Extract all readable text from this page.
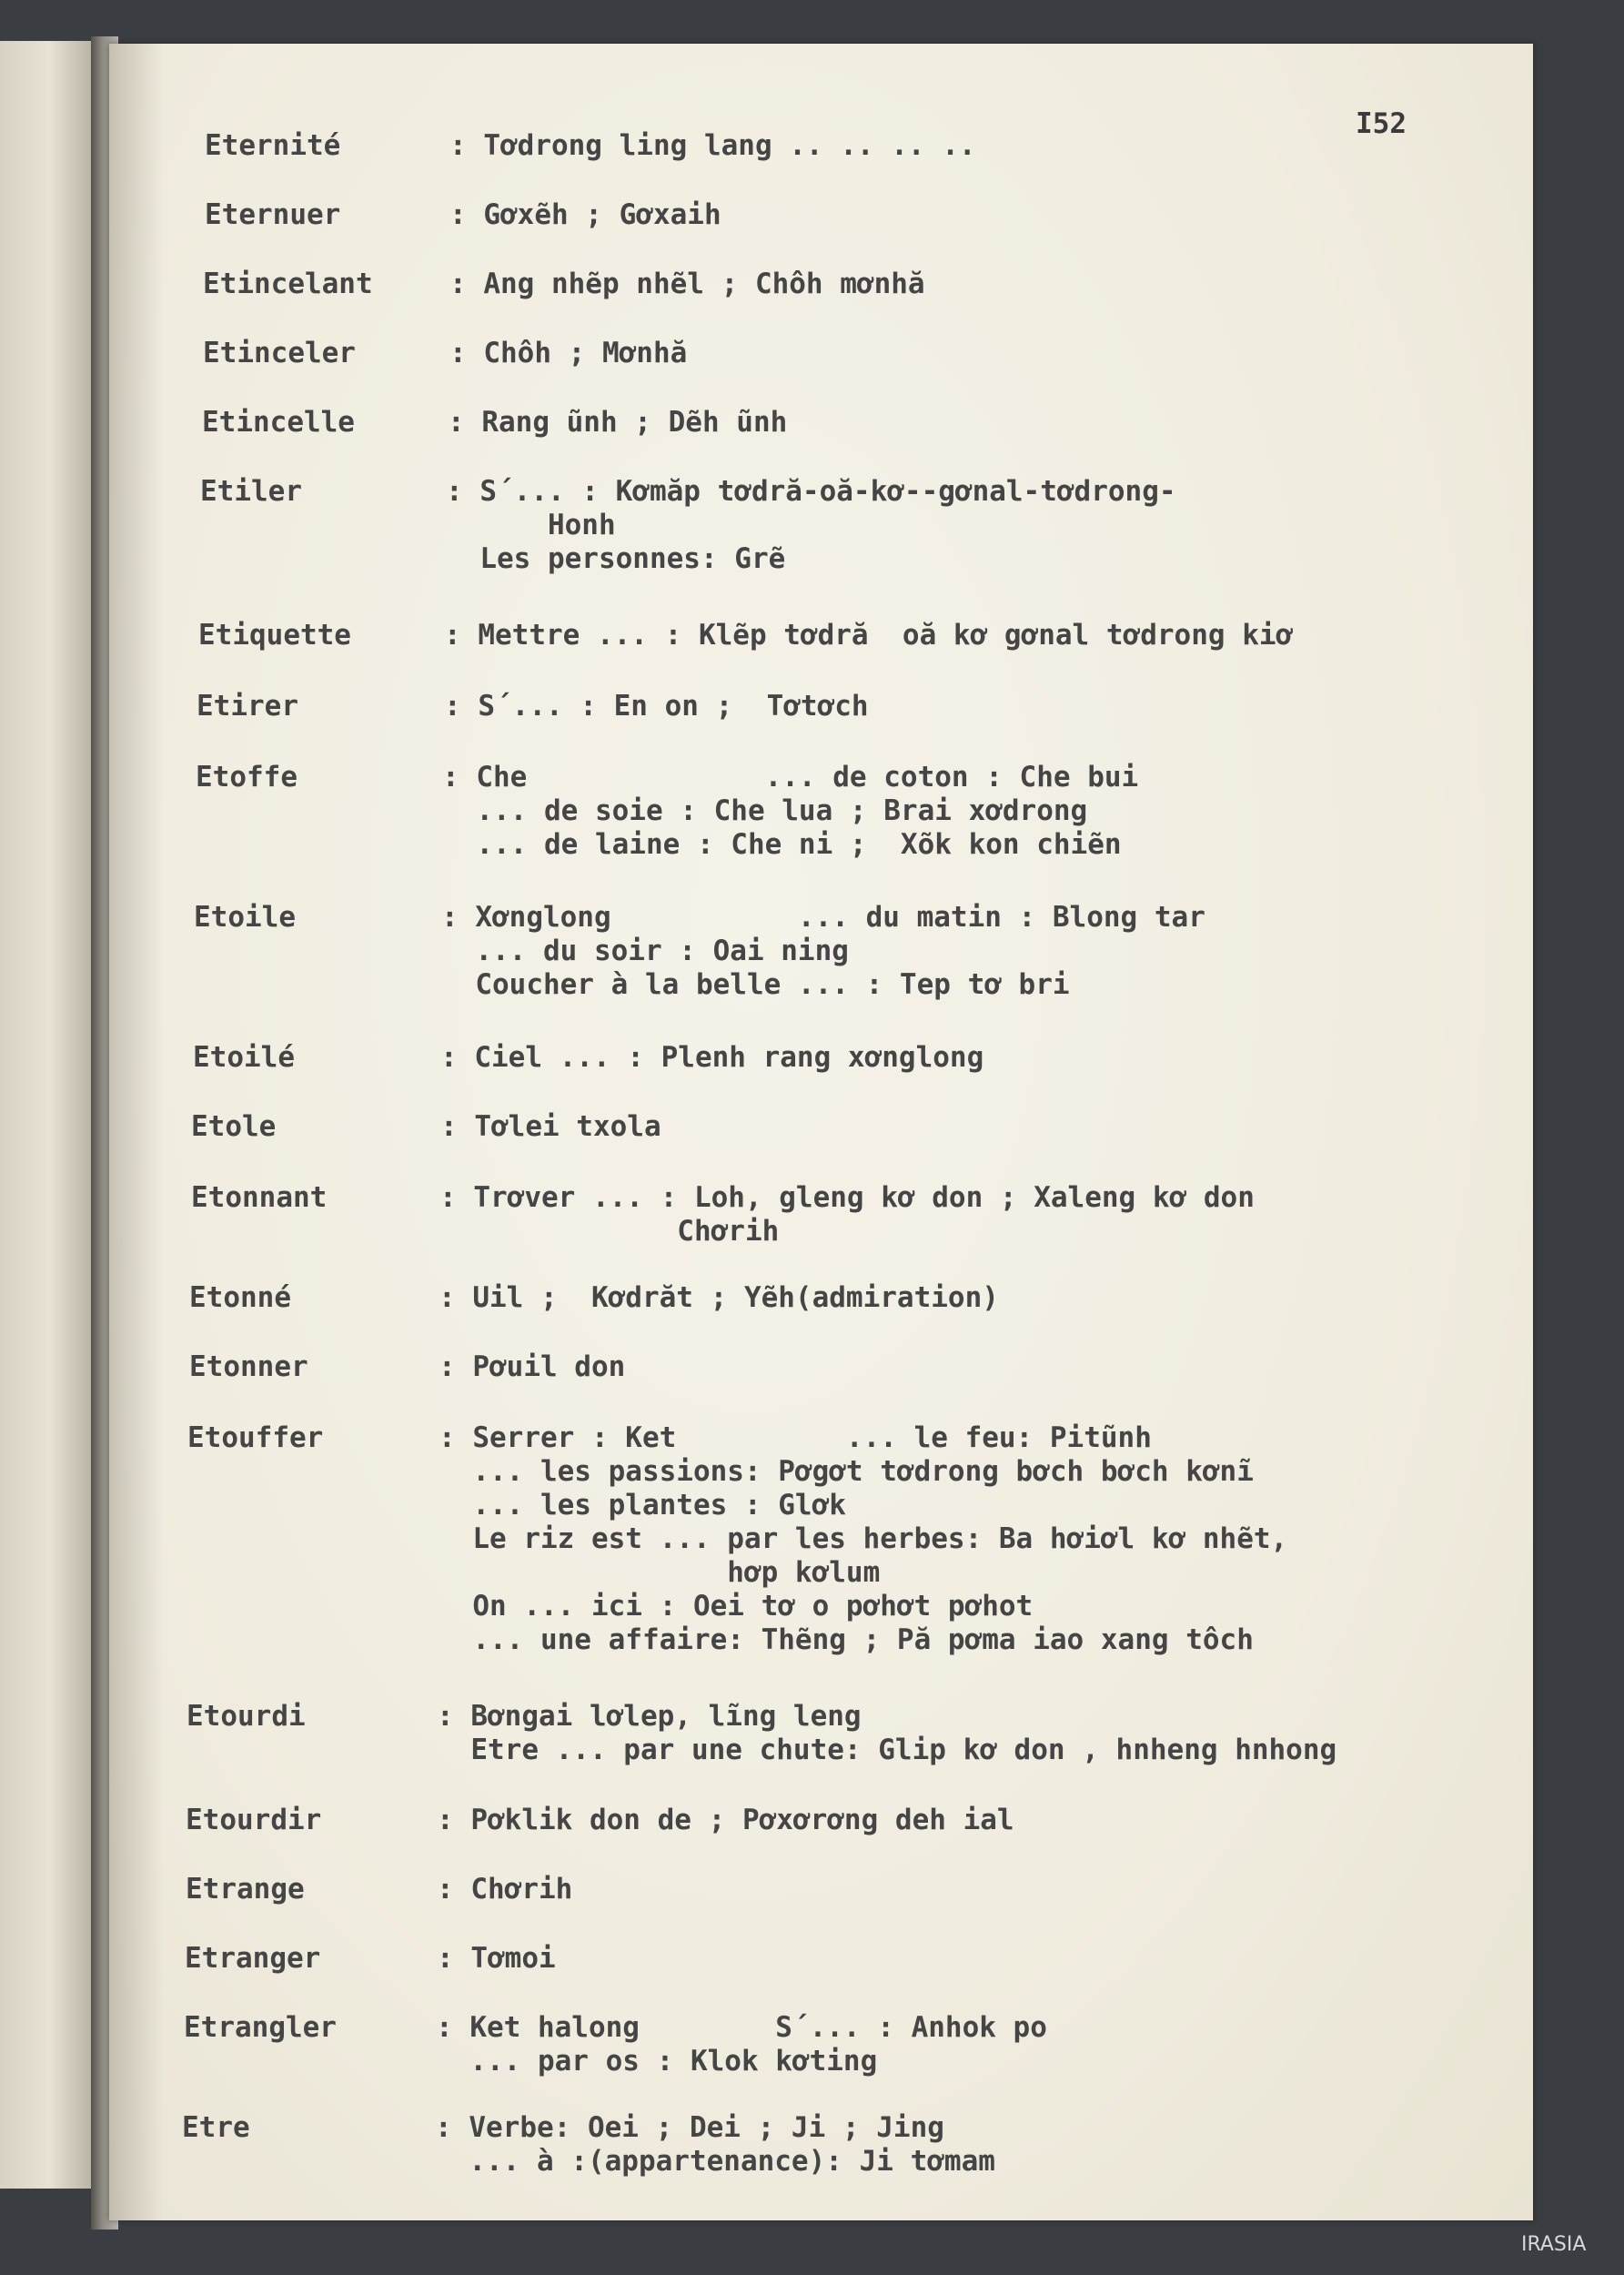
I52
Eternité	: Tơdrong ling lang .. .. .. ..
Eternuer	: Gơxẽh ; Gơxaih
Etincelant	: Ang nhẽp nhẽl ; Chôh mơnhă
Etinceler	: Chôh ; Mơnhă
Etincelle	: Rang ũnh ; Dẽh ũnh
Etiler	: S´... : Kơmăp tơdră-oă-kơ--gơnal-tơdrong-
Honh
Les personnes: Grẽ
Etiquette	: Mettre ... : Klẽp tơdră  oă kơ gơnal tơdrong kiơ
Etirer	: S´... : En on ;  Tơtơch
Etoffe	: Che              ... de coton : Che bui
... de soie : Che lua ; Brai xơdrong
... de laine : Che ni ;  Xõk kon chiẽn
Etoile	: Xơnglong           ... du matin : Blong tar
... du soir : Oai ning
Coucher à la belle ... : Tep tơ bri
Etoilé	: Ciel ... : Plenh rang xơnglong
Etole	: Tơlei txola
Etonnant	: Trơver ... : Loh, gleng kơ don ; Xaleng kơ don
Chơrih
Etonné	: Uil ;  Kơdrăt ; Yẽh(admiration)
Etonner	: Pơuil don
Etouffer	: Serrer : Ket          ... le feu: Pitũnh
... les passions: Pơgơt tơdrong bơch bơch kơnĩ
... les plantes : Glơk
Le riz est ... par les herbes: Ba hơiơl kơ nhẽt,
hơp kơlum
On ... ici : Oei tơ o pơhơt pơhot
... une affaire: Thẽng ; Pă pơma iao xang tôch
Etourdi	: Bơngai lơlep, lĩng leng
Etre ... par une chute: Glip kơ don , hnheng hnhong
Etourdir	: Pơklik don de ; Pơxơrơng deh ial
Etrange	: Chơrih
Etranger	: Tơmoi
Etrangler	: Ket halong        S´... : Anhok po
... par os : Klok kơting
Etre	: Verbe: Oei ; Dei ; Ji ; Jing
... à :(appartenance): Ji tơmam
IRASIA
